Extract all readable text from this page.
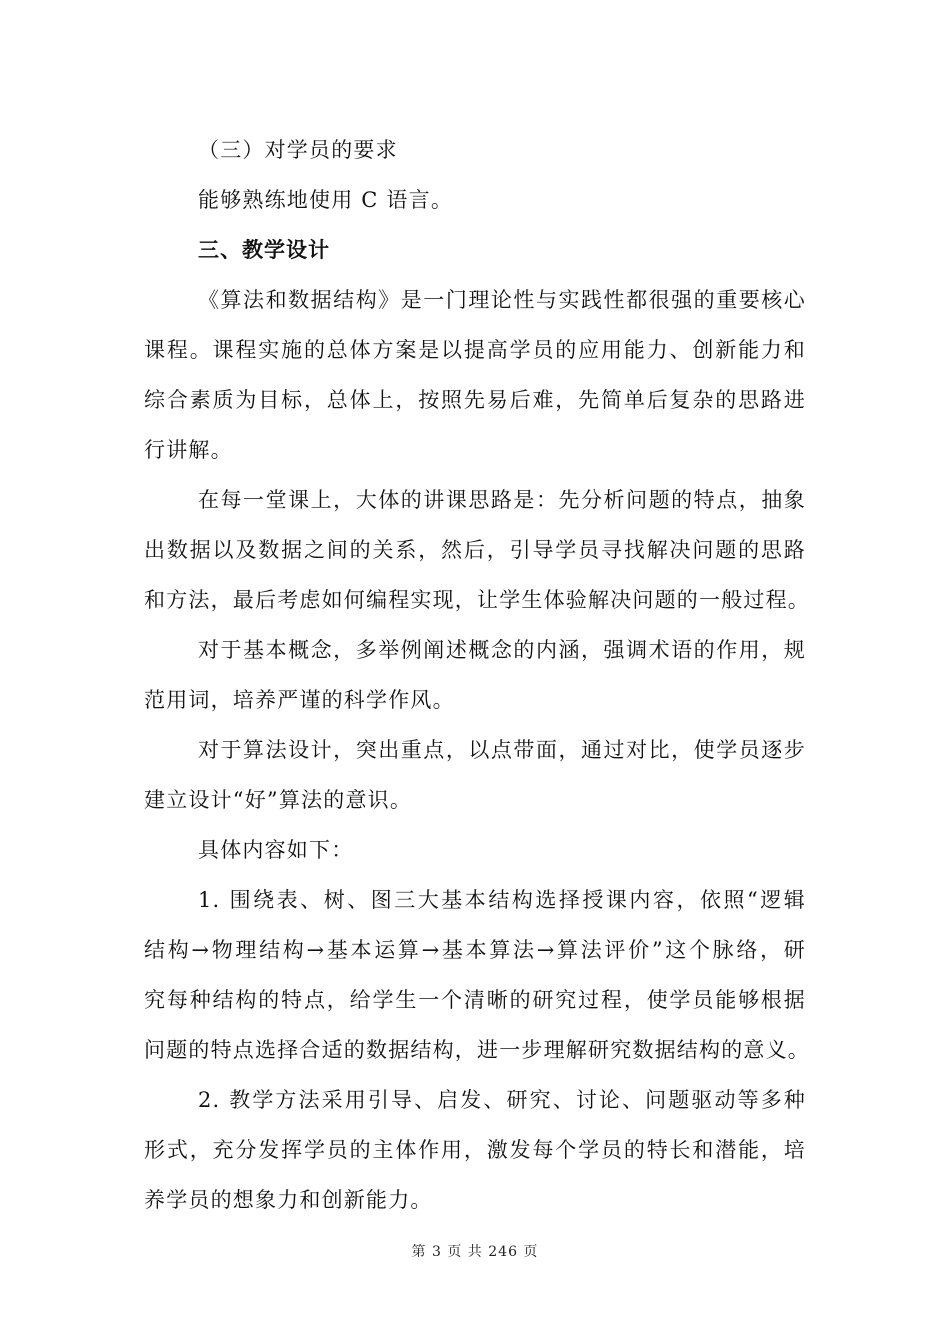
（三）对学员的要求
能够熟练地使用 C 语言。
三、教学设计
《算法和数据结构》是一门理论性与实践性都很强的重要核心
课程。课程实施的总体方案是以提高学员的应用能力、创新能力和
综合素质为目标，总体上，按照先易后难，先简单后复杂的思路进
行讲解。
在每一堂课上，大体的讲课思路是：先分析问题的特点，抽象
出数据以及数据之间的关系，然后，引导学员寻找解决问题的思路
和方法，最后考虑如何编程实现，让学生体验解决问题的一般过程。
对于基本概念，多举例阐述概念的内涵，强调术语的作用，规
范用词，培养严谨的科学作风。
对于算法设计，突出重点，以点带面，通过对比，使学员逐步
建立设计“好”算法的意识。
具体内容如下：
1. 围绕表、树、图三大基本结构选择授课内容，依照“逻辑
结构→物理结构→基本运算→基本算法→算法评价”这个脉络，研
究每种结构的特点，给学生一个清晰的研究过程，使学员能够根据
问题的特点选择合适的数据结构，进一步理解研究数据结构的意义。
2. 教学方法采用引导、启发、研究、讨论、问题驱动等多种
形式，充分发挥学员的主体作用，激发每个学员的特长和潜能，培
养学员的想象力和创新能力。
第 3 页 共 246 页
